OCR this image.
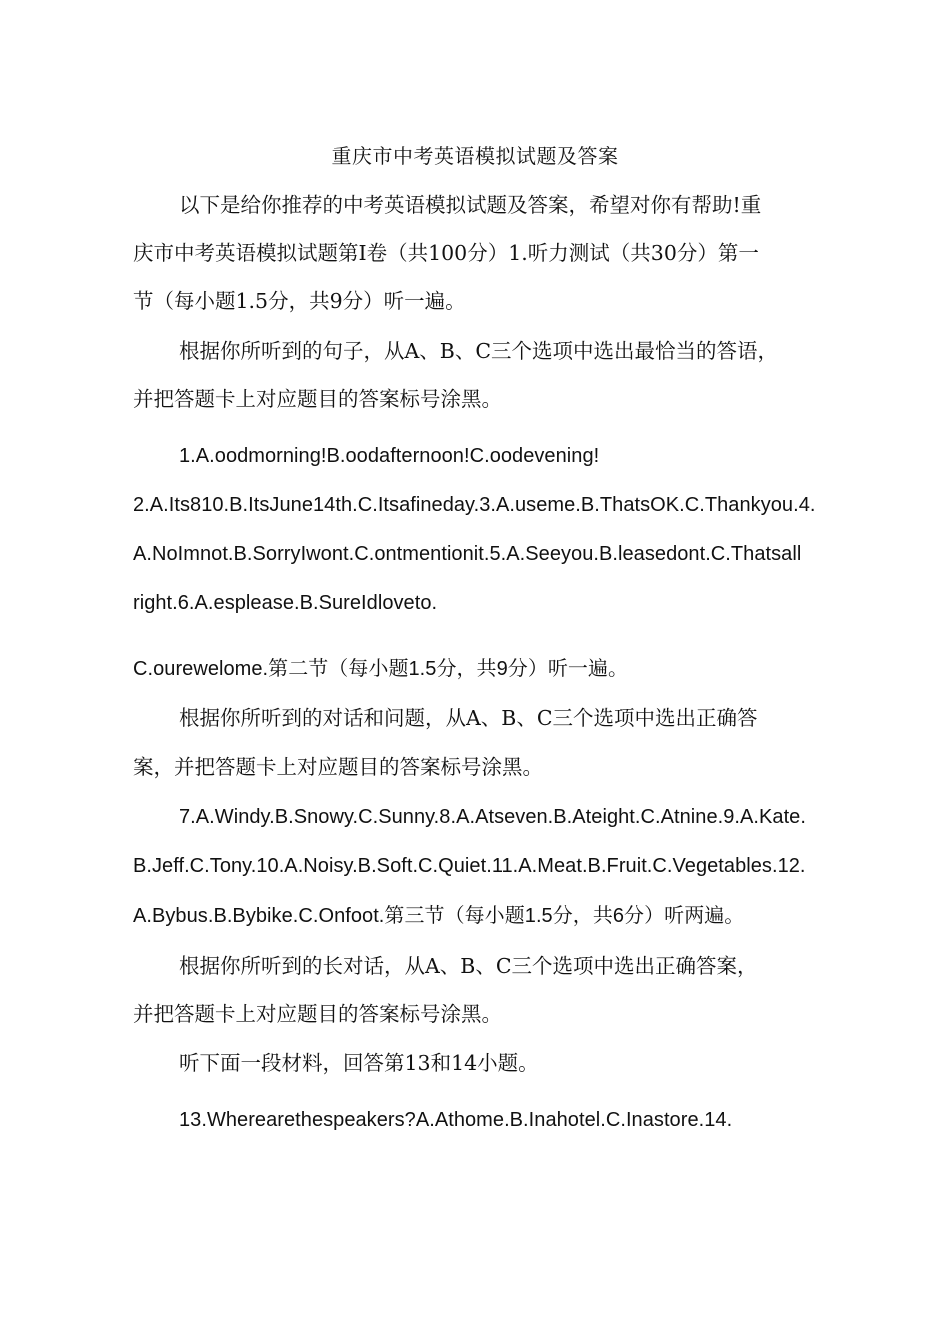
重庆市中考英语模拟试题及答案
以下是给你推荐的中考英语模拟试题及答案，希望对你有帮助!重
庆市中考英语模拟试题第Ⅰ卷（共100分）1.听力测试（共30分）第一
节（每小题1.5分，共9分）听一遍。
根据你所听到的句子，从A、B、C三个选项中选出最恰当的答语，
并把答题卡上对应题目的答案标号涂黑。
1.A.oodmorning!B.oodafternoon!C.oodevening!
2.A.Its810.B.ItsJune14th.C.Itsafineday.3.A.useme.B.ThatsOK.C.Thankyou.4.
A.NoImnot.B.SorryIwont.C.ontmentionit.5.A.Seeyou.B.leasedont.C.Thatsall
right.6.A.esplease.B.SureIdloveto.
C.ourewelome.第二节（每小题1.5分，共9分）听一遍。
根据你所听到的对话和问题，从A、B、C三个选项中选出正确答
案，并把答题卡上对应题目的答案标号涂黑。
7.A.Windy.B.Snowy.C.Sunny.8.A.Atseven.B.Ateight.C.Atnine.9.A.Kate.
B.Jeff.C.Tony.10.A.Noisy.B.Soft.C.Quiet.11.A.Meat.B.Fruit.C.Vegetables.12.
A.Bybus.B.Bybike.C.Onfoot.第三节（每小题1.5分，共6分）听两遍。
根据你所听到的长对话，从A、B、C三个选项中选出正确答案，
并把答题卡上对应题目的答案标号涂黑。
听下面一段材料，回答第13和14小题。
13.Wherearethespeakers?A.Athome.B.Inahotel.C.Inastore.14.
